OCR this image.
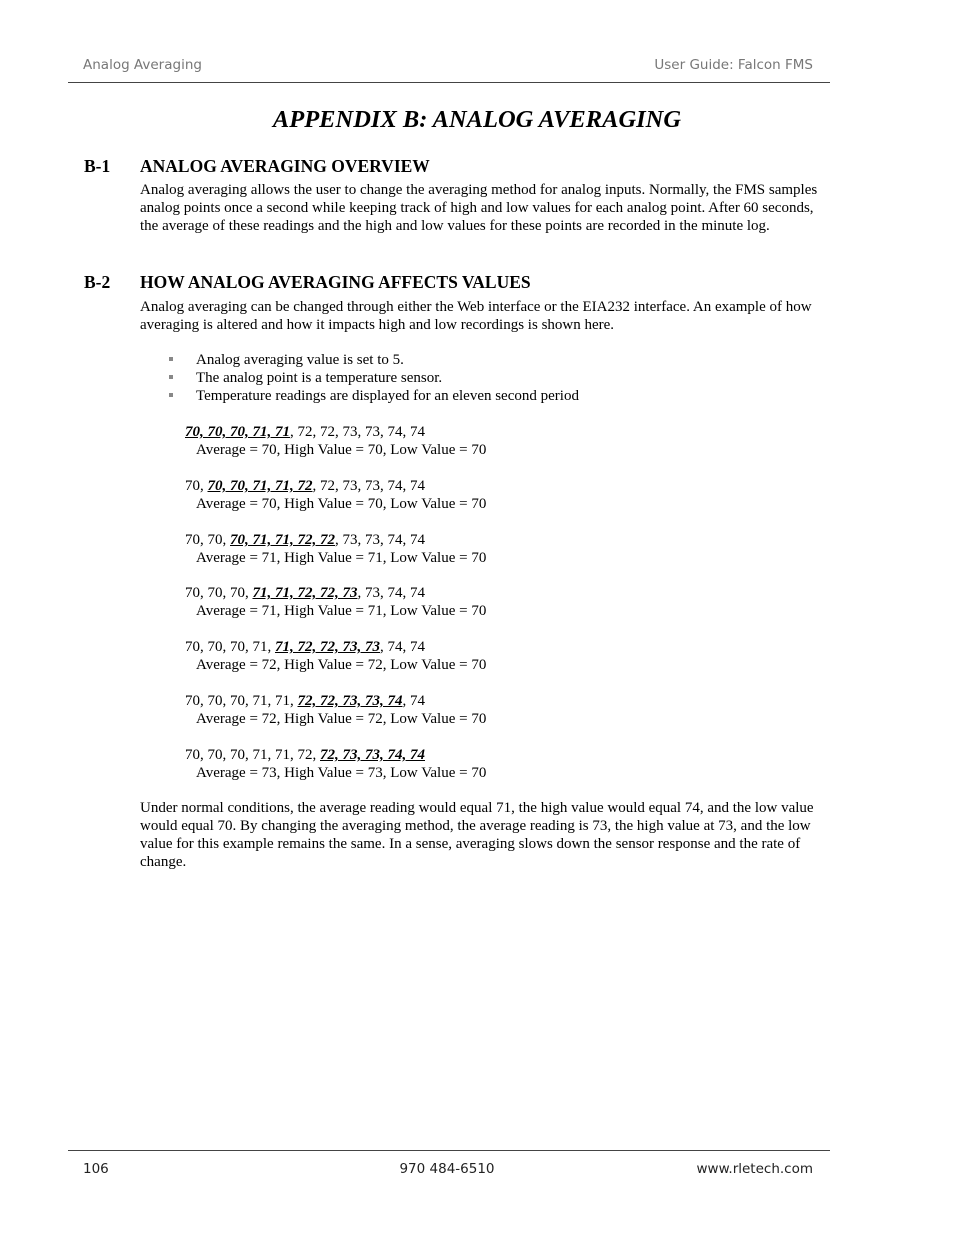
Analog Averaging	User Guide: Falcon FMS
APPENDIX B: ANALOG AVERAGING
B-1 ANALOG AVERAGING OVERVIEW

Analog averaging allows the user to change the averaging method for analog inputs. Normally, the FMS samples analog points once a second while keeping track of high and low values for each analog point. After 60 seconds, the average of these readings and the high and low values for these points are recorded in the minute log.

B-2 HOW ANALOG AVERAGING AFFECTS VALUES

Analog averaging can be changed through either the Web interface or the EIA232 interface. An example of how averaging is altered and how it impacts high and low recordings is shown here.

Analog averaging value is set to 5.
The analog point is a temperature sensor.
Temperature readings are displayed for an eleven second period
70, 70, 70, 71, 71, 72, 72, 73, 73, 74, 74
Average = 70, High Value = 70, Low Value = 70
70, 70, 70, 71, 71, 72, 72, 73, 73, 74, 74
Average = 70, High Value = 70, Low Value = 70
70, 70, 70, 71, 71, 72, 72, 73, 73, 74, 74
Average = 71, High Value = 71, Low Value = 70
70, 70, 70, 71, 71, 72, 72, 73, 73, 74, 74
Average = 71, High Value = 71, Low Value = 70
70, 70, 70, 71, 71, 72, 72, 73, 73, 74, 74
Average = 72, High Value = 72, Low Value = 70
70, 70, 70, 71, 71, 72, 72, 73, 73, 74, 74
Average = 72, High Value = 72, Low Value = 70
70, 70, 70, 71, 71, 72, 72, 73, 73, 74, 74
Average = 73, High Value = 73, Low Value = 70

Under normal conditions, the average reading would equal 71, the high value would equal 74, and the low value would equal 70. By changing the averaging method, the average reading is 73, the high value at 73, and the low value for this example remains the same. In a sense, averaging slows down the sensor response and the rate of change.

106	970 484-6510	www.rletech.com
